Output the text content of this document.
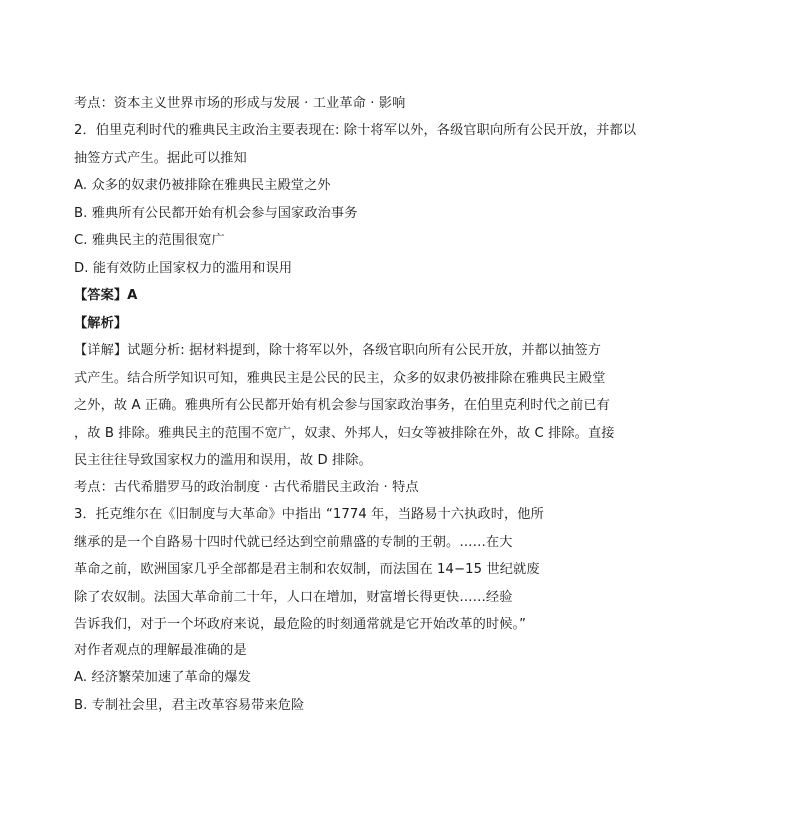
考点：资本主义世界市场的形成与发展 · 工业革命 · 影响
2．伯里克利时代的雅典民主政治主要表现在: 除十将军以外，各级官职向所有公民开放，并都以
抽签方式产生。据此可以推知
A. 众多的奴隶仍被排除在雅典民主殿堂之外
B. 雅典所有公民都开始有机会参与国家政治事务
C. 雅典民主的范围很宽广
D. 能有效防止国家权力的滥用和误用
【答案】A
【解析】
【详解】试题分析: 据材料提到，除十将军以外，各级官职向所有公民开放，并都以抽签方
式产生。结合所学知识可知，雅典民主是公民的民主，众多的奴隶仍被排除在雅典民主殿堂
之外，故 A 正确。雅典所有公民都开始有机会参与国家政治事务，在伯里克利时代之前已有
，故 B 排除。雅典民主的范围不宽广，奴隶、外邦人，妇女等被排除在外，故 C 排除。直接
民主往往导致国家权力的滥用和误用，故 D 排除。
考点：古代希腊罗马的政治制度 · 古代希腊民主政治 · 特点
3．托克维尔在《旧制度与大革命》中指出 “1774 年，当路易十六执政时，他所
继承的是一个自路易十四时代就已经达到空前鼎盛的专制的王朝。……在大
革命之前，欧洲国家几乎全部都是君主制和农奴制，而法国在 14−15 世纪就废
除了农奴制。法国大革命前二十年，人口在增加，财富增长得更快……经验
告诉我们，对于一个坏政府来说，最危险的时刻通常就是它开始改革的时候。”
对作者观点的理解最准确的是
A. 经济繁荣加速了革命的爆发
B. 专制社会里，君主改革容易带来危险
